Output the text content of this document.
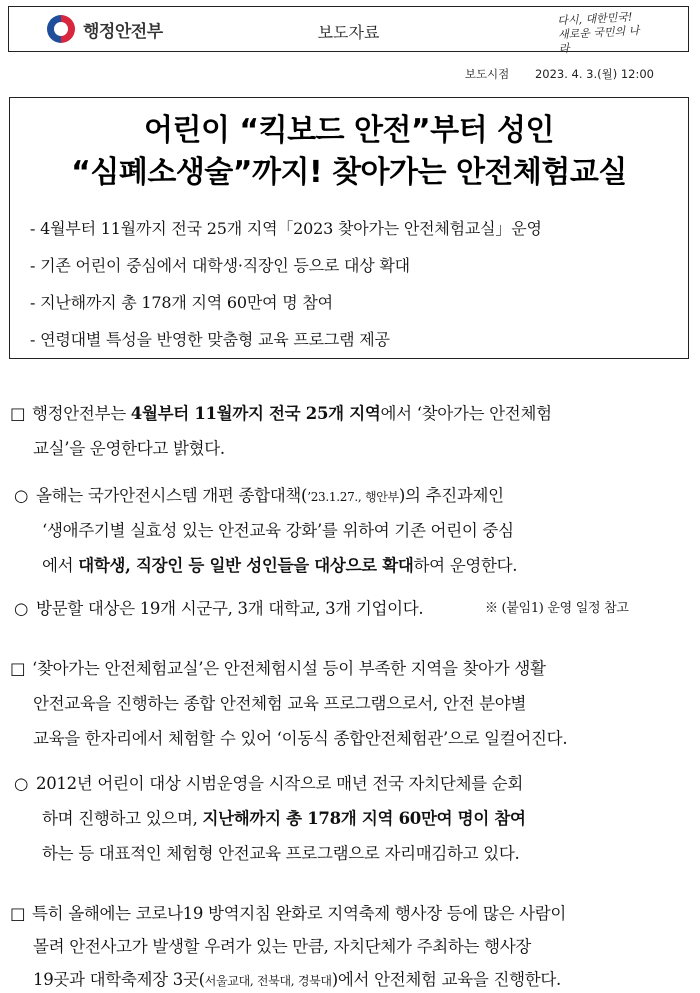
행정안전부	보도자료
다시, 대한민국!
새로운 국민의 나라
보도시점 2023. 4. 3.(월) 12:00
어린이 “킥보드 안전”부터 성인
“심폐소생술”까지! 찾아가는 안전체험교실
- 4월부터 11월까지 전국 25개 지역「2023 찾아가는 안전체험교실」운영
- 기존 어린이 중심에서 대학생·직장인 등으로 대상 확대
- 지난해까지 총 178개 지역 60만여 명 참여
- 연령대별 특성을 반영한 맞춤형 교육 프로그램 제공
□ 행정안전부는 4월부터 11월까지 전국 25개 지역에서 ‘찾아가는 안전체험
교실’을 운영한다고 밝혔다.
○ 올해는 국가안전시스템 개편 종합대책(’23.1.27., 행안부)의 추진과제인
‘생애주기별 실효성 있는 안전교육 강화’를 위하여 기존 어린이 중심
에서 대학생, 직장인 등 일반 성인들을 대상으로 확대하여 운영한다.
○ 방문할 대상은 19개 시군구, 3개 대학교, 3개 기업이다.	※ (붙임1) 운영 일정 참고
□ ‘찾아가는 안전체험교실’은 안전체험시설 등이 부족한 지역을 찾아가 생활
안전교육을 진행하는 종합 안전체험 교육 프로그램으로서, 안전 분야별
교육을 한자리에서 체험할 수 있어 ‘이동식 종합안전체험관’으로 일컬어진다.
○ 2012년 어린이 대상 시범운영을 시작으로 매년 전국 자치단체를 순회
하며 진행하고 있으며, 지난해까지 총 178개 지역 60만여 명이 참여
하는 등 대표적인 체험형 안전교육 프로그램으로 자리매김하고 있다.
□ 특히 올해에는 코로나19 방역지침 완화로 지역축제 행사장 등에 많은 사람이
몰려 안전사고가 발생할 우려가 있는 만큼, 자치단체가 주최하는 행사장
19곳과 대학축제장 3곳(서울교대, 전북대, 경북대)에서 안전체험 교육을 진행한다.
